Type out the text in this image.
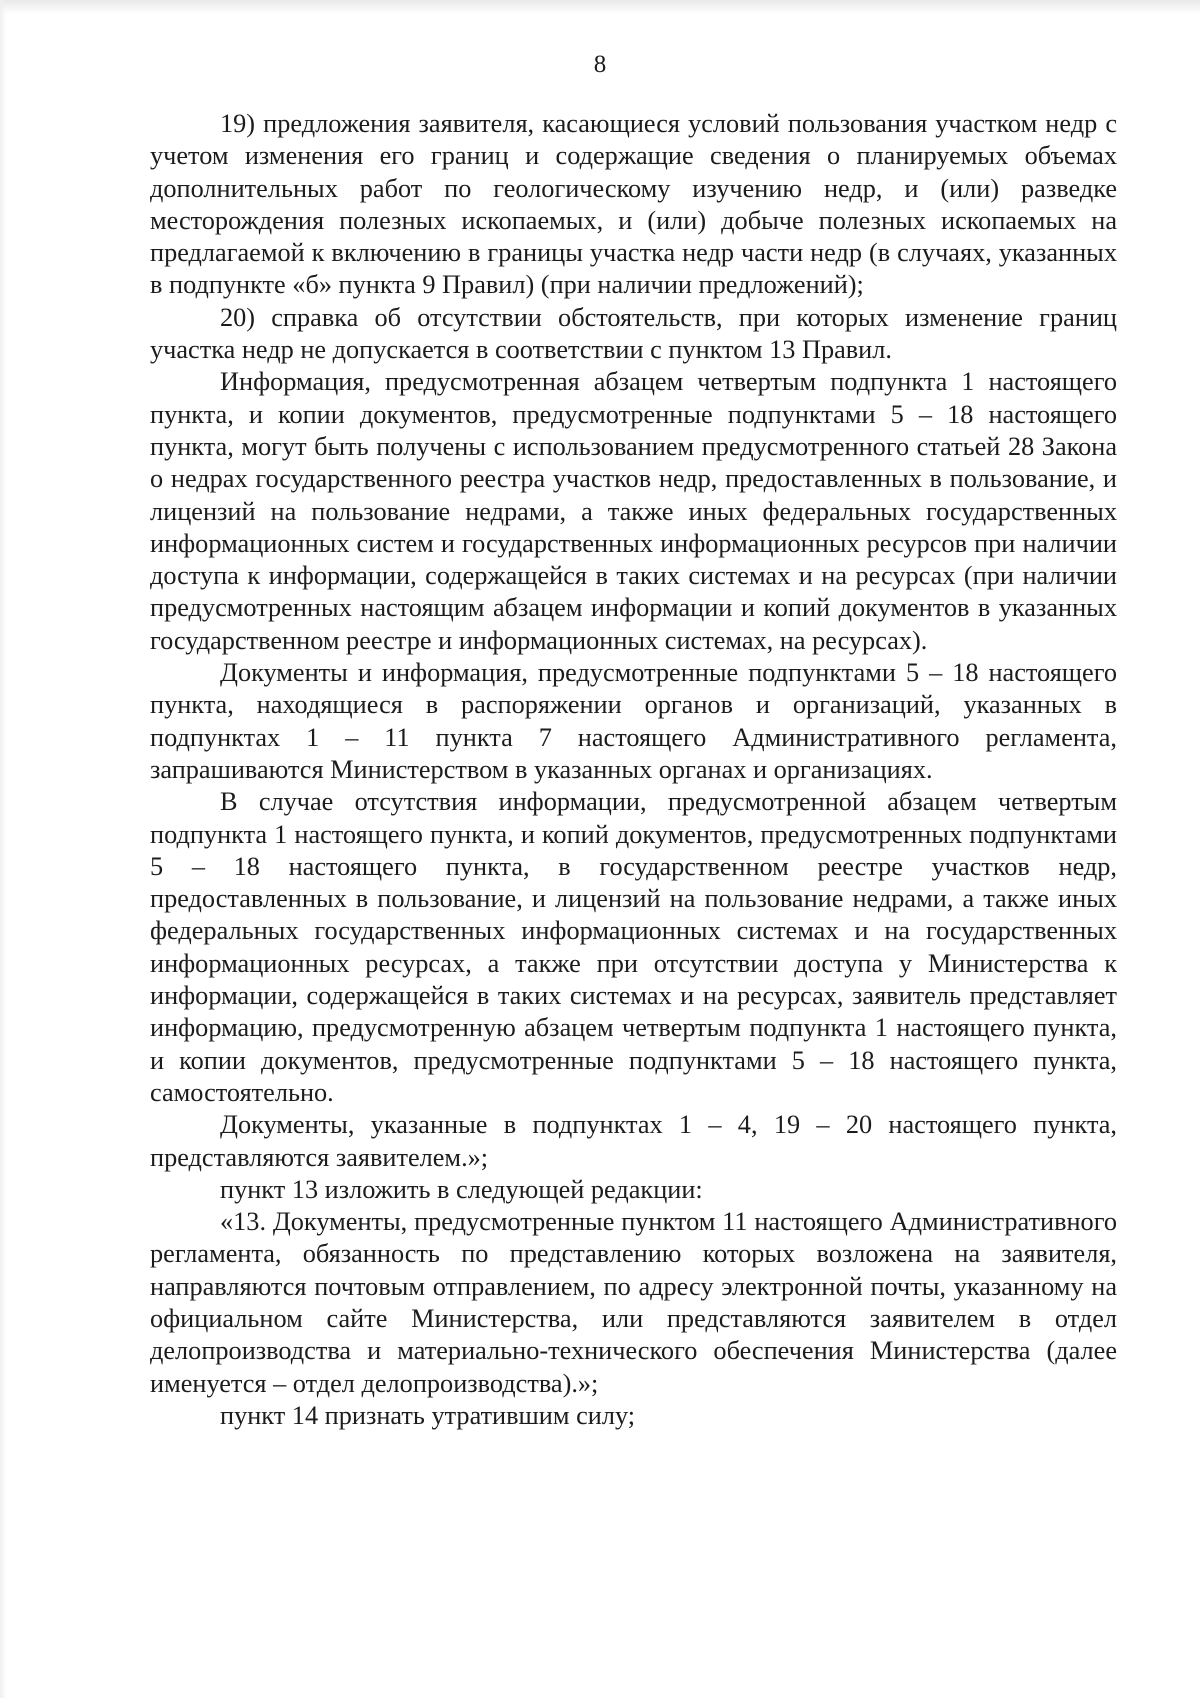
8

19) предложения заявителя, касающиеся условий пользования участком недр с учетом изменения его границ и содержащие сведения о планируемых объемах дополнительных работ по геологическому изучению недр, и (или) разведке месторождения полезных ископаемых, и (или) добыче полезных ископаемых на предлагаемой к включению в границы участка недр части недр (в случаях, указанных в подпункте «б» пункта 9 Правил) (при наличии предложений);

20) справка об отсутствии обстоятельств, при которых изменение границ участка недр не допускается в соответствии с пунктом 13 Правил.

Информация, предусмотренная абзацем четвертым подпункта 1 настоящего пункта, и копии документов, предусмотренные подпунктами 5 – 18 настоящего пункта, могут быть получены с использованием предусмотренного статьей 28 Закона о недрах государственного реестра участков недр, предоставленных в пользование, и лицензий на пользование недрами, а также иных федеральных государственных информационных систем и государственных информационных ресурсов при наличии доступа к информации, содержащейся в таких системах и на ресурсах (при наличии предусмотренных настоящим абзацем информации и копий документов в указанных государственном реестре и информационных системах, на ресурсах).

Документы и информация, предусмотренные подпунктами 5 – 18 настоящего пункта, находящиеся в распоряжении органов и организаций, указанных в подпунктах 1 – 11 пункта 7 настоящего Административного регламента, запрашиваются Министерством в указанных органах и организациях.

В случае отсутствия информации, предусмотренной абзацем четвертым подпункта 1 настоящего пункта, и копий документов, предусмотренных подпунктами 5 – 18 настоящего пункта, в государственном реестре участков недр, предоставленных в пользование, и лицензий на пользование недрами, а также иных федеральных государственных информационных системах и на государственных информационных ресурсах, а также при отсутствии доступа у Министерства к информации, содержащейся в таких системах и на ресурсах, заявитель представляет информацию, предусмотренную абзацем четвертым подпункта 1 настоящего пункта, и копии документов, предусмотренные подпунктами 5 – 18 настоящего пункта, самостоятельно.

Документы, указанные в подпунктах 1 – 4, 19 – 20 настоящего пункта, представляются заявителем.»;

пункт 13 изложить в следующей редакции:

«13. Документы, предусмотренные пунктом 11 настоящего Административного регламента, обязанность по представлению которых возложена на заявителя, направляются почтовым отправлением, по адресу электронной почты, указанному на официальном сайте Министерства, или представляются заявителем в отдел делопроизводства и материально-технического обеспечения Министерства (далее именуется – отдел делопроизводства).»;

пункт 14 признать утратившим силу;
